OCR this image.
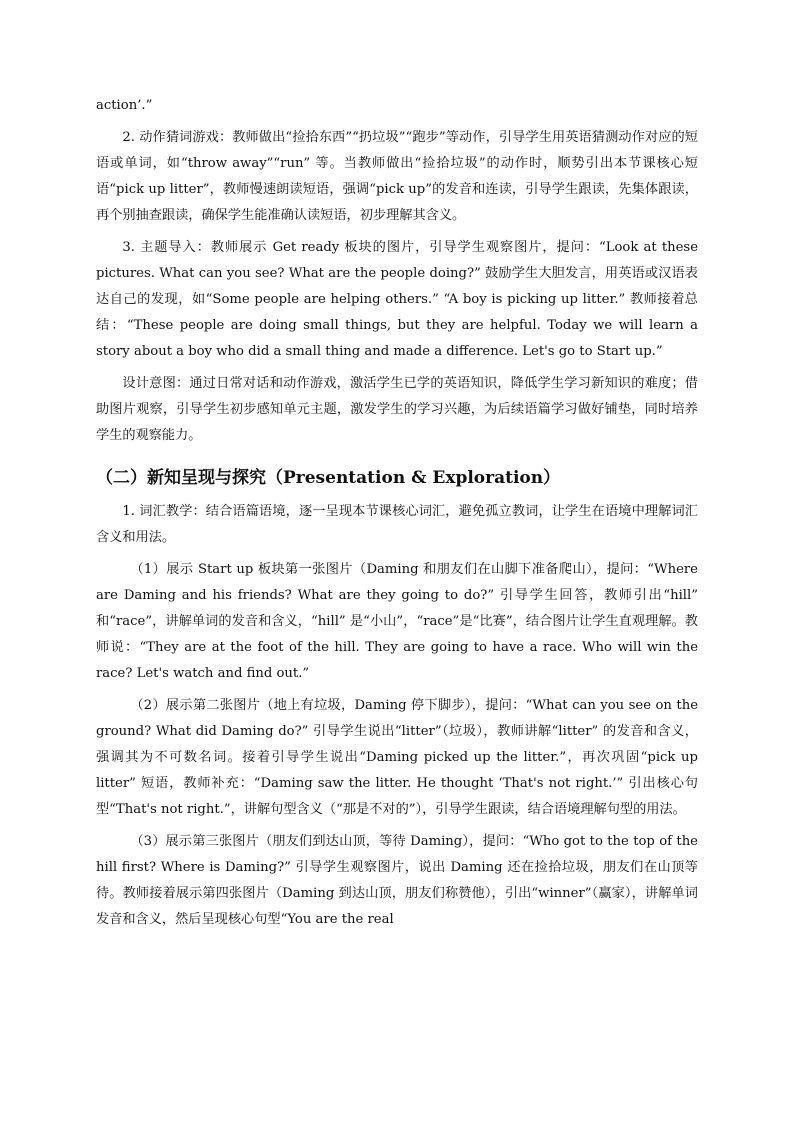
action’.”

2. 动作猜词游戏：教师做出“捡拾东西”“扔垃圾”“跑步”等动作，引导学生用英语猜测动作对应的短语或单词，如“throw away”“run” 等。当教师做出“捡拾垃圾”的动作时，顺势引出本节课核心短语“pick up litter”，教师慢速朗读短语，强调“pick up”的发音和连读，引导学生跟读，先集体跟读，再个别抽查跟读，确保学生能准确认读短语，初步理解其含义。

3. 主题导入：教师展示 Get ready 板块的图片，引导学生观察图片，提问：“Look at these pictures. What can you see? What are the people doing?” 鼓励学生大胆发言，用英语或汉语表达自己的发现，如“Some people are helping others.” “A boy is picking up litter.” 教师接着总结：“These people are doing small things, but they are helpful. Today we will learn a story about a boy who did a small thing and made a difference. Let's go to Start up.”

设计意图：通过日常对话和动作游戏，激活学生已学的英语知识，降低学生学习新知识的难度；借助图片观察，引导学生初步感知单元主题，激发学生的学习兴趣，为后续语篇学习做好铺垫，同时培养学生的观察能力。

（二）新知呈现与探究（Presentation & Exploration）

1. 词汇教学：结合语篇语境，逐一呈现本节课核心词汇，避免孤立教词，让学生在语境中理解词汇含义和用法。

（1）展示 Start up 板块第一张图片（Daming 和朋友们在山脚下准备爬山），提问：“Where are Daming and his friends? What are they going to do?” 引导学生回答，教师引出“hill” 和“race”，讲解单词的发音和含义，“hill” 是“小山”，“race”是“比赛”，结合图片让学生直观理解。教师说：“They are at the foot of the hill. They are going to have a race. Who will win the race? Let's watch and find out.”

（2）展示第二张图片（地上有垃圾，Daming 停下脚步），提问：“What can you see on the ground? What did Daming do?” 引导学生说出“litter”（垃圾），教师讲解“litter” 的发音和含义，强调其为不可数名词。接着引导学生说出“Daming picked up the litter.”，再次巩固“pick up litter” 短语，教师补充：“Daming saw the litter. He thought ‘That's not right.’” 引出核心句型“That's not right.”，讲解句型含义（“那是不对的”），引导学生跟读，结合语境理解句型的用法。

（3）展示第三张图片（朋友们到达山顶，等待 Daming），提问：“Who got to the top of the hill first? Where is Daming?” 引导学生观察图片，说出 Daming 还在捡拾垃圾，朋友们在山顶等待。教师接着展示第四张图片（Daming 到达山顶，朋友们称赞他），引出“winner”（赢家），讲解单词发音和含义，然后呈现核心句型“You are the real
